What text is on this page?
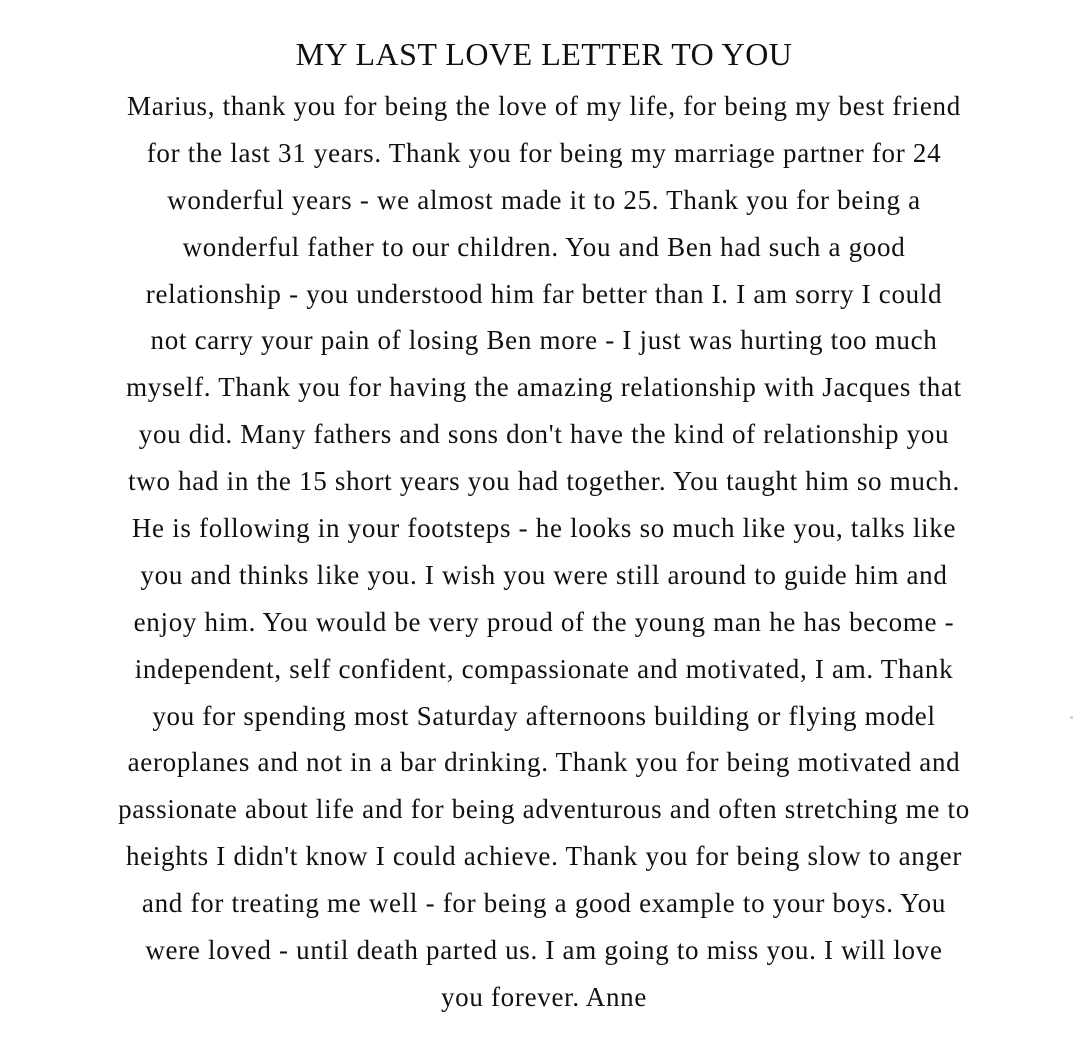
MY LAST LOVE LETTER TO YOU
Marius, thank you for being the love of my life, for being my best friend
for the last 31 years. Thank you for being my marriage partner for 24
wonderful years - we almost made it to 25. Thank you for being a
wonderful father to our children. You and Ben had such a good
relationship - you understood him far better than I. I am sorry I could
not carry your pain of losing Ben more - I just was hurting too much
myself. Thank you for having the amazing relationship with Jacques that
you did. Many fathers and sons don't have the kind of relationship you
two had in the 15 short years you had together. You taught him so much.
He is following in your footsteps - he looks so much like you, talks like
you and thinks like you. I wish you were still around to guide him and
enjoy him. You would be very proud of the young man he has become -
independent, self confident, compassionate and motivated, I am. Thank
you for spending most Saturday afternoons building or flying model
aeroplanes and not in a bar drinking. Thank you for being motivated and
passionate about life and for being adventurous and often stretching me to
heights I didn't know I could achieve. Thank you for being slow to anger
and for treating me well - for being a good example to your boys. You
were loved - until death parted us. I am going to miss you. I will love
you forever. Anne
